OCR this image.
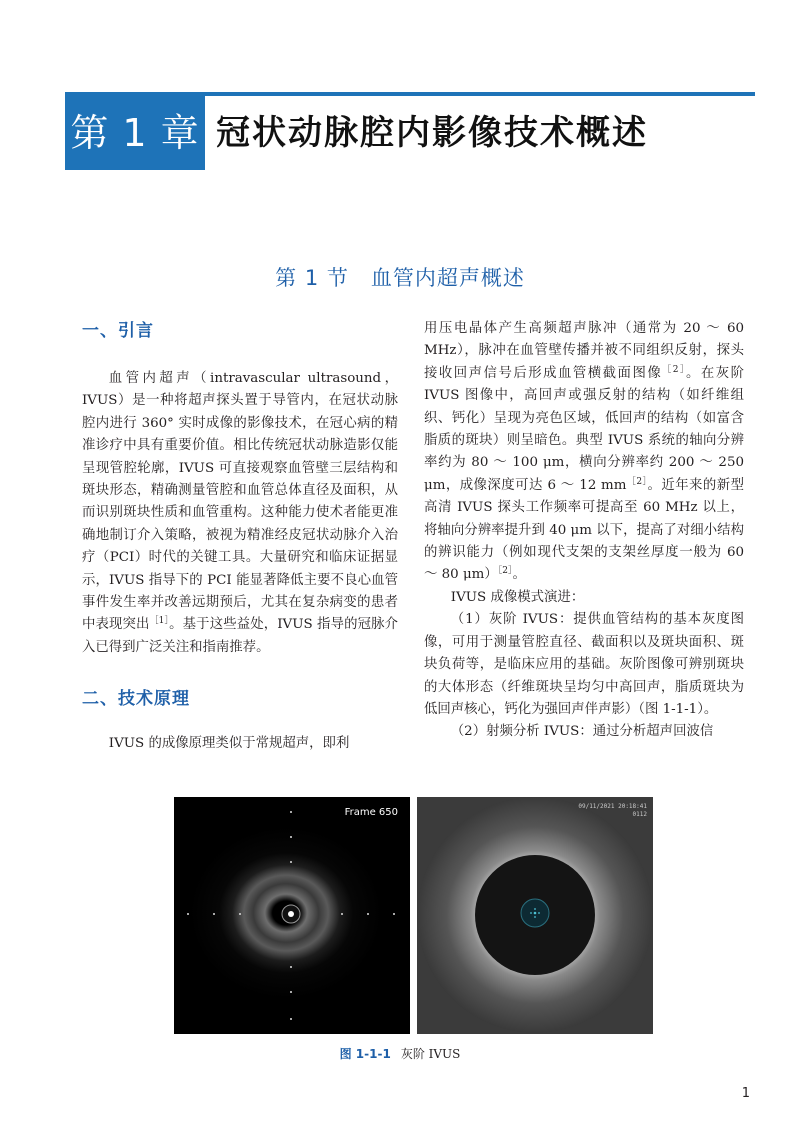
第 1 章 冠状动脉腔内影像技术概述
第 1 节　血管内超声概述

一、引言

血管内超声（intravascular ultrasound，IVUS）是一种将超声探头置于导管内，在冠状动脉腔内进行 360° 实时成像的影像技术，在冠心病的精准诊疗中具有重要价值。相比传统冠状动脉造影仅能呈现管腔轮廓，IVUS 可直接观察血管壁三层结构和斑块形态，精确测量管腔和血管总体直径及面积，从而识别斑块性质和血管重构。这种能力使术者能更准确地制订介入策略，被视为精准经皮冠状动脉介入治疗（PCI）时代的关键工具。大量研究和临床证据显示，IVUS 指导下的 PCI 能显著降低主要不良心血管事件发生率并改善远期预后，尤其在复杂病变的患者中表现突出$^{[1]}$。基于这些益处，IVUS 指导的冠脉介入已得到广泛关注和指南推荐。

二、技术原理

IVUS 的成像原理类似于常规超声，即利

用压电晶体产生高频超声脉冲（通常为 20 ～ 60 MHz），脉冲在血管壁传播并被不同组织反射，探头接收回声信号后形成血管横截面图像$^{[2]}$。在灰阶 IVUS 图像中，高回声或强反射的结构（如纤维组织、钙化）呈现为亮色区域，低回声的结构（如富含脂质的斑块）则呈暗色。典型 IVUS 系统的轴向分辨率约为 80 ～ 100 μm，横向分辨率约 200 ～ 250 μm，成像深度可达 6 ～ 12 $mm^{[2]}$。近年来的新型高清 IVUS 探头工作频率可提高至 60 MHz 以上，将轴向分辨率提升到 40 μm 以下，提高了对细小结构的辨识能力（例如现代支架的支架丝厚度一般为 60 ～ 80 μm）$^{[2]}$。

IVUS 成像模式演进：

（1）灰阶 IVUS：提供血管结构的基本灰度图像，可用于测量管腔直径、截面积以及斑块面积、斑块负荷等，是临床应用的基础。灰阶图像可辨别斑块的大体形态（纤维斑块呈均匀中高回声，脂质斑块为低回声核心，钙化为强回声伴声影）（图 1-1-1）。

（2）射频分析 IVUS：通过分析超声回波信

Frame 650
09/11/2021 20:18:41
0112
图 1-1-1 灰阶 IVUS
1
